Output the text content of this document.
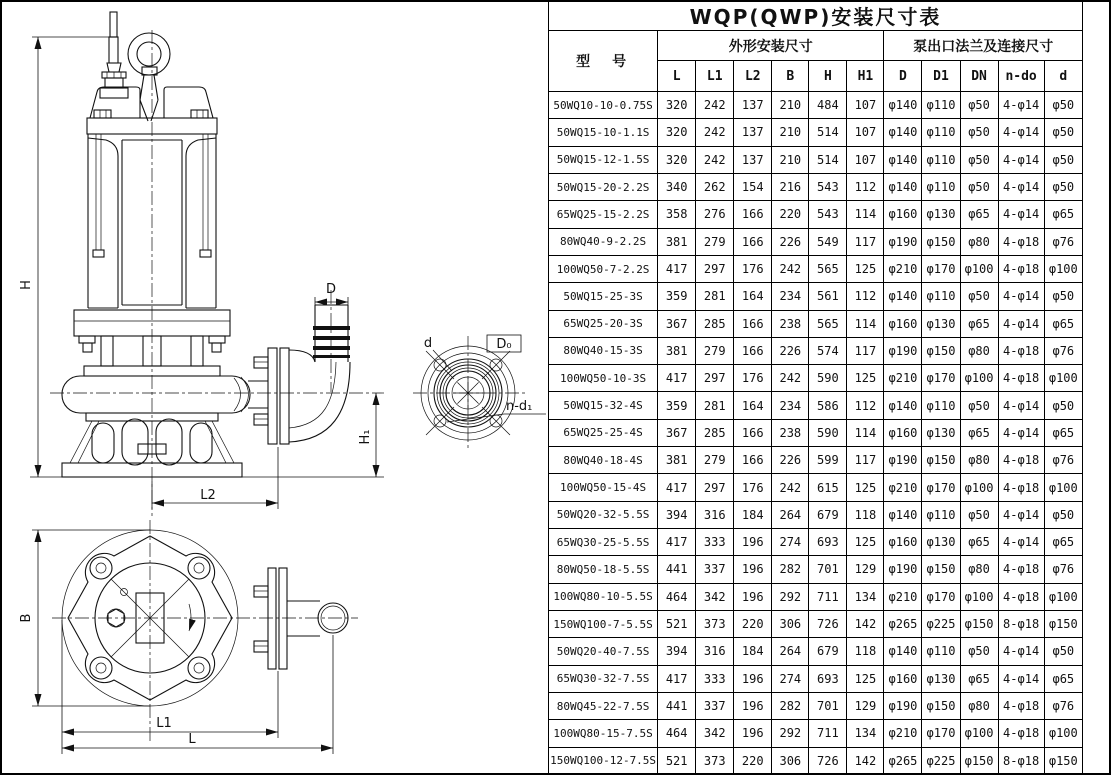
H	D
H₁
L2
d	D₀
n-d₁
B
L1
L
WQP(QWP)安装尺寸表											
型　号	外形安装尺寸						泵出口法兰及连接尺寸				
	L	L1	L2	B	H	H1	D	D1	DN	n-do	d
50WQ10-10-0.75S	320	242	137	210	484	107	φ140	φ110	φ50	4-φ14	φ50
50WQ15-10-1.1S	320	242	137	210	514	107	φ140	φ110	φ50	4-φ14	φ50
50WQ15-12-1.5S	320	242	137	210	514	107	φ140	φ110	φ50	4-φ14	φ50
50WQ15-20-2.2S	340	262	154	216	543	112	φ140	φ110	φ50	4-φ14	φ50
65WQ25-15-2.2S	358	276	166	220	543	114	φ160	φ130	φ65	4-φ14	φ65
80WQ40-9-2.2S	381	279	166	226	549	117	φ190	φ150	φ80	4-φ18	φ76
100WQ50-7-2.2S	417	297	176	242	565	125	φ210	φ170	φ100	4-φ18	φ100
50WQ15-25-3S	359	281	164	234	561	112	φ140	φ110	φ50	4-φ14	φ50
65WQ25-20-3S	367	285	166	238	565	114	φ160	φ130	φ65	4-φ14	φ65
80WQ40-15-3S	381	279	166	226	574	117	φ190	φ150	φ80	4-φ18	φ76
100WQ50-10-3S	417	297	176	242	590	125	φ210	φ170	φ100	4-φ18	φ100
50WQ15-32-4S	359	281	164	234	586	112	φ140	φ110	φ50	4-φ14	φ50
65WQ25-25-4S	367	285	166	238	590	114	φ160	φ130	φ65	4-φ14	φ65
80WQ40-18-4S	381	279	166	226	599	117	φ190	φ150	φ80	4-φ18	φ76
100WQ50-15-4S	417	297	176	242	615	125	φ210	φ170	φ100	4-φ18	φ100
50WQ20-32-5.5S	394	316	184	264	679	118	φ140	φ110	φ50	4-φ14	φ50
65WQ30-25-5.5S	417	333	196	274	693	125	φ160	φ130	φ65	4-φ14	φ65
80WQ50-18-5.5S	441	337	196	282	701	129	φ190	φ150	φ80	4-φ18	φ76
100WQ80-10-5.5S	464	342	196	292	711	134	φ210	φ170	φ100	4-φ18	φ100
150WQ100-7-5.5S	521	373	220	306	726	142	φ265	φ225	φ150	8-φ18	φ150
50WQ20-40-7.5S	394	316	184	264	679	118	φ140	φ110	φ50	4-φ14	φ50
65WQ30-32-7.5S	417	333	196	274	693	125	φ160	φ130	φ65	4-φ14	φ65
80WQ45-22-7.5S	441	337	196	282	701	129	φ190	φ150	φ80	4-φ18	φ76
100WQ80-15-7.5S	464	342	196	292	711	134	φ210	φ170	φ100	4-φ18	φ100
150WQ100-12-7.5S	521	373	220	306	726	142	φ265	φ225	φ150	8-φ18	φ150
